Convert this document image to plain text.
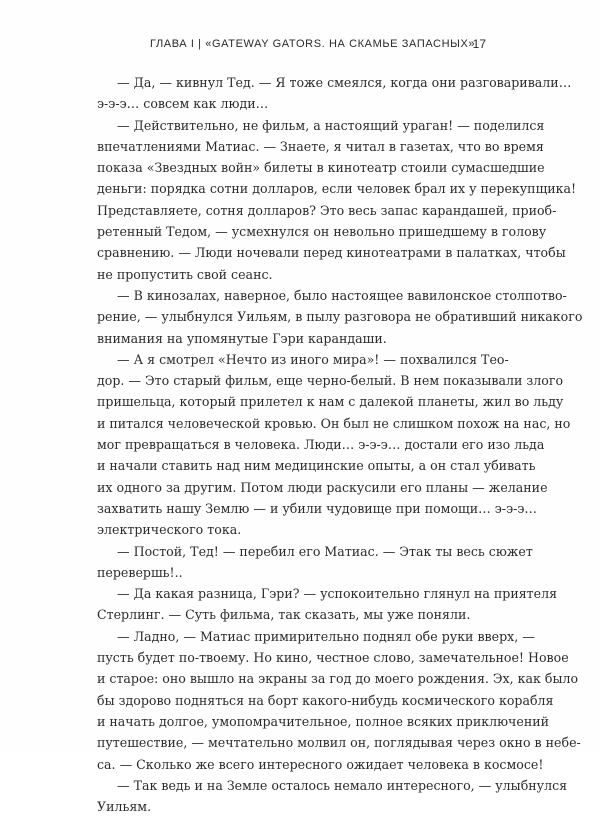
ГЛАВА I | «GATEWAY GATORS. НА СКАМЬЕ ЗАПАСНЫХ»
17
— Да, — кивнул Тед. — Я тоже смеялся, когда они разговаривали…
э-э-э… совсем как люди…
— Действительно, не фильм, а настоящий ураган! — поделился
впечатлениями Матиас. — Знаете, я читал в газетах, что во время
показа «Звездных войн» билеты в кинотеатр стоили сумасшедшие
деньги: порядка сотни долларов, если человек брал их у перекупщика!
Представляете, сотня долларов? Это весь запас карандашей, приоб-
ретенный Тедом, — усмехнулся он невольно пришедшему в голову
сравнению. — Люди ночевали перед кинотеатрами в палатках, чтобы
не пропустить свой сеанс.
— В кинозалах, наверное, было настоящее вавилонское столпотво-
рение, — улыбнулся Уильям, в пылу разговора не обративший никакого
внимания на упомянутые Гэри карандаши.
— А я смотрел «Нечто из иного мира»! — похвалился Тео-
дор. — Это старый фильм, еще черно-белый. В нем показывали злого
пришельца, который прилетел к нам с далекой планеты, жил во льду
и питался человеческой кровью. Он был не слишком похож на нас, но
мог превращаться в человека. Люди… э-э-э… достали его изо льда
и начали ставить над ним медицинские опыты, а он стал убивать
их одного за другим. Потом люди раскусили его планы — желание
захватить нашу Землю — и убили чудовище при помощи… э-э-э…
электрического тока.
— Постой, Тед! — перебил его Матиас. — Этак ты весь сюжет
перевершь!..
— Да какая разница, Гэри? — успокоительно глянул на приятеля
Стерлинг. — Суть фильма, так сказать, мы уже поняли.
— Ладно, — Матиас примирительно поднял обе руки вверх, —
пусть будет по-твоему. Но кино, честное слово, замечательное! Новое
и старое: оно вышло на экраны за год до моего рождения. Эх, как было
бы здорово подняться на борт какого-нибудь космического корабля
и начать долгое, умопомрачительное, полное всяких приключений
путешествие, — мечтательно молвил он, поглядывая через окно в небе-
са. — Сколько же всего интересного ожидает человека в космосе!
— Так ведь и на Земле осталось немало интересного, — улыбнулся
Уильям.
